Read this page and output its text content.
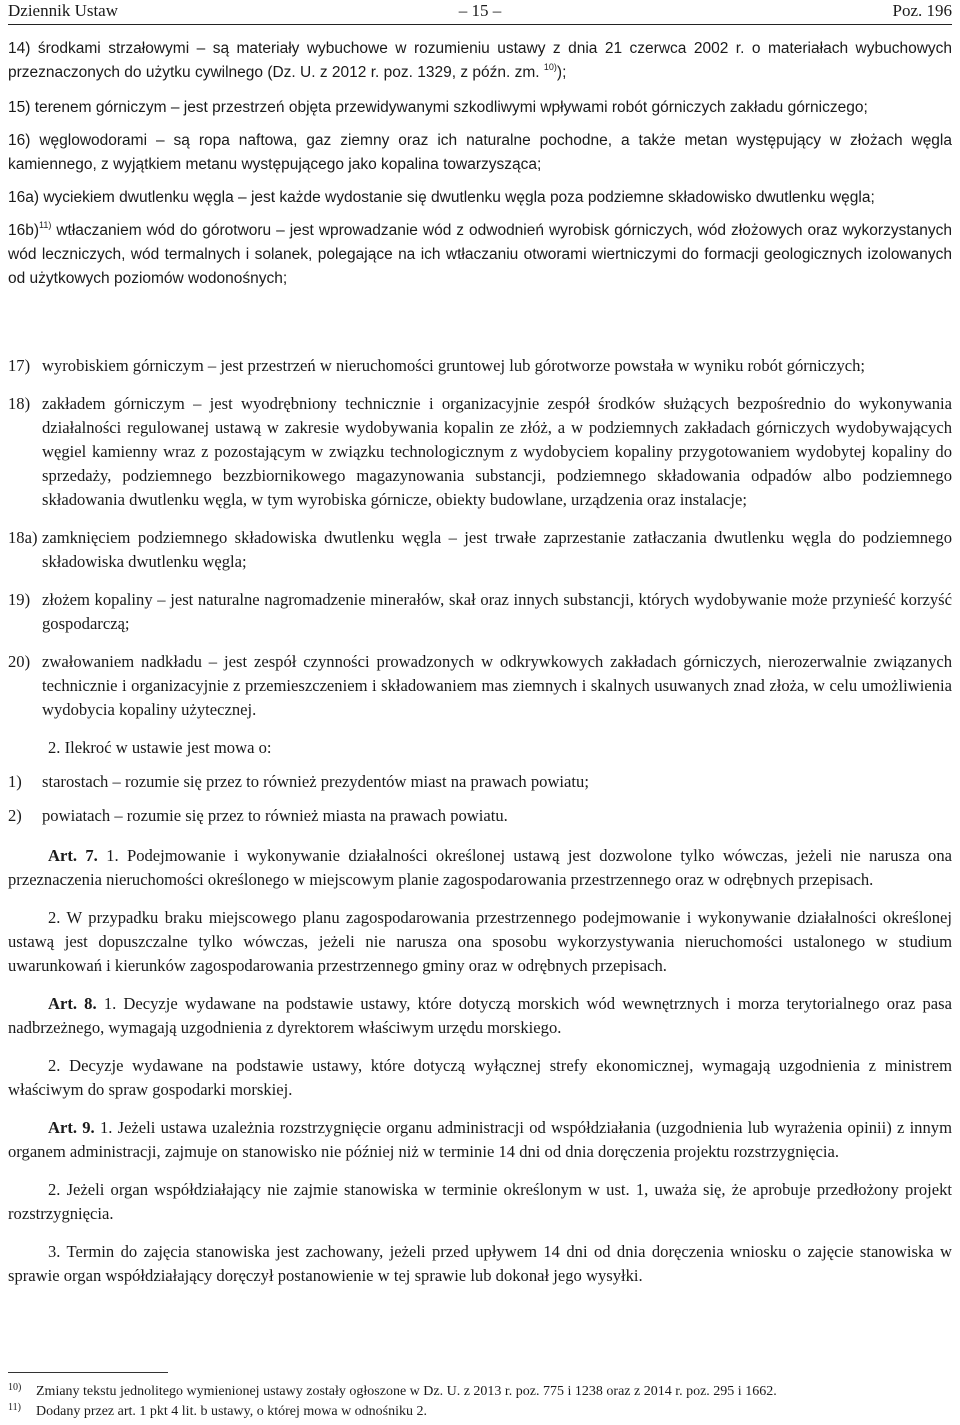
Dziennik Ustaw	– 15 –	Poz. 196
14) środkami strzałowymi – są materiały wybuchowe w rozumieniu ustawy z dnia 21 czerwca 2002 r. o materiałach wybuchowych przeznaczonych do użytku cywilnego (Dz. U. z 2012 r. poz. 1329, z późn. zm. $^{10)}$);
15) terenem górniczym – jest przestrzeń objęta przewidywanymi szkodliwymi wpływami robót górniczych zakładu górniczego;
16) węglowodorami – są ropa naftowa, gaz ziemny oraz ich naturalne pochodne, a także metan występujący w złożach węgla kamiennego, z wyjątkiem metanu występującego jako kopalina towarzysząca;
16a) wyciekiem dwutlenku węgla – jest każde wydostanie się dwutlenku węgla poza podziemne składowisko dwutlenku węgla;
16b)$^{11)}$ wtłaczaniem wód do górotworu – jest wprowadzanie wód z odwodnień wyrobisk górniczych, wód złożowych oraz wykorzystanych wód leczniczych, wód termalnych i solanek, polegające na ich wtłaczaniu otworami wiertniczymi do formacji geologicznych izolowanych od użytkowych poziomów wodonośnych;

17) wyrobiskiem górniczym – jest przestrzeń w nieruchomości gruntowej lub górotworze powstała w wyniku robót górniczych;

18) zakładem górniczym – jest wyodrębniony technicznie i organizacyjnie zespół środków służących bezpośrednio do wykonywania działalności regulowanej ustawą w zakresie wydobywania kopalin ze złóż, a w podziemnych zakładach górniczych wydobywających węgiel kamienny wraz z pozostającym w związku technologicznym z wydobyciem kopaliny przygotowaniem wydobytej kopaliny do sprzedaży, podziemnego bezzbiornikowego magazynowania substancji, podziemnego składowania odpadów albo podziemnego składowania dwutlenku węgla, w tym wyrobiska górnicze, obiekty budowlane, urządzenia oraz instalacje;

18a) zamknięciem podziemnego składowiska dwutlenku węgla – jest trwałe zaprzestanie zatłaczania dwutlenku węgla do podziemnego składowiska dwutlenku węgla;

19) złożem kopaliny – jest naturalne nagromadzenie minerałów, skał oraz innych substancji, których wydobywanie może przynieść korzyść gospodarczą;

20) zwałowaniem nadkładu – jest zespół czynności prowadzonych w odkrywkowych zakładach górniczych, nierozerwalnie związanych technicznie i organizacyjnie z przemieszczeniem i składowaniem mas ziemnych i skalnych usuwanych znad złoża, w celu umożliwienia wydobycia kopaliny użytecznej.

2. Ilekroć w ustawie jest mowa o:

1) starostach – rozumie się przez to również prezydentów miast na prawach powiatu;

2) powiatach – rozumie się przez to również miasta na prawach powiatu.

Art. 7. 1. Podejmowanie i wykonywanie działalności określonej ustawą jest dozwolone tylko wówczas, jeżeli nie narusza ona przeznaczenia nieruchomości określonego w miejscowym planie zagospodarowania przestrzennego oraz w odrębnych przepisach.

2. W przypadku braku miejscowego planu zagospodarowania przestrzennego podejmowanie i wykonywanie działalności określonej ustawą jest dopuszczalne tylko wówczas, jeżeli nie narusza ona sposobu wykorzystywania nieruchomości ustalonego w studium uwarunkowań i kierunków zagospodarowania przestrzennego gminy oraz w odrębnych przepisach.

Art. 8. 1. Decyzje wydawane na podstawie ustawy, które dotyczą morskich wód wewnętrznych i morza terytorialnego oraz pasa nadbrzeżnego, wymagają uzgodnienia z dyrektorem właściwym urzędu morskiego.

2. Decyzje wydawane na podstawie ustawy, które dotyczą wyłącznej strefy ekonomicznej, wymagają uzgodnienia z ministrem właściwym do spraw gospodarki morskiej.

Art. 9. 1. Jeżeli ustawa uzależnia rozstrzygnięcie organu administracji od współdziałania (uzgodnienia lub wyrażenia opinii) z innym organem administracji, zajmuje on stanowisko nie później niż w terminie 14 dni od dnia doręczenia projektu rozstrzygnięcia.

2. Jeżeli organ współdziałający nie zajmie stanowiska w terminie określonym w ust. 1, uważa się, że aprobuje przedłożony projekt rozstrzygnięcia.

3. Termin do zajęcia stanowiska jest zachowany, jeżeli przed upływem 14 dni od dnia doręczenia wniosku o zajęcie stanowiska w sprawie organ współdziałający doręczył postanowienie w tej sprawie lub dokonał jego wysyłki.

10) Zmiany tekstu jednolitego wymienionej ustawy zostały ogłoszone w Dz. U. z 2013 r. poz. 775 i 1238 oraz z 2014 r. poz. 295 i 1662.
11) Dodany przez art. 1 pkt 4 lit. b ustawy, o której mowa w odnośniku 2.
